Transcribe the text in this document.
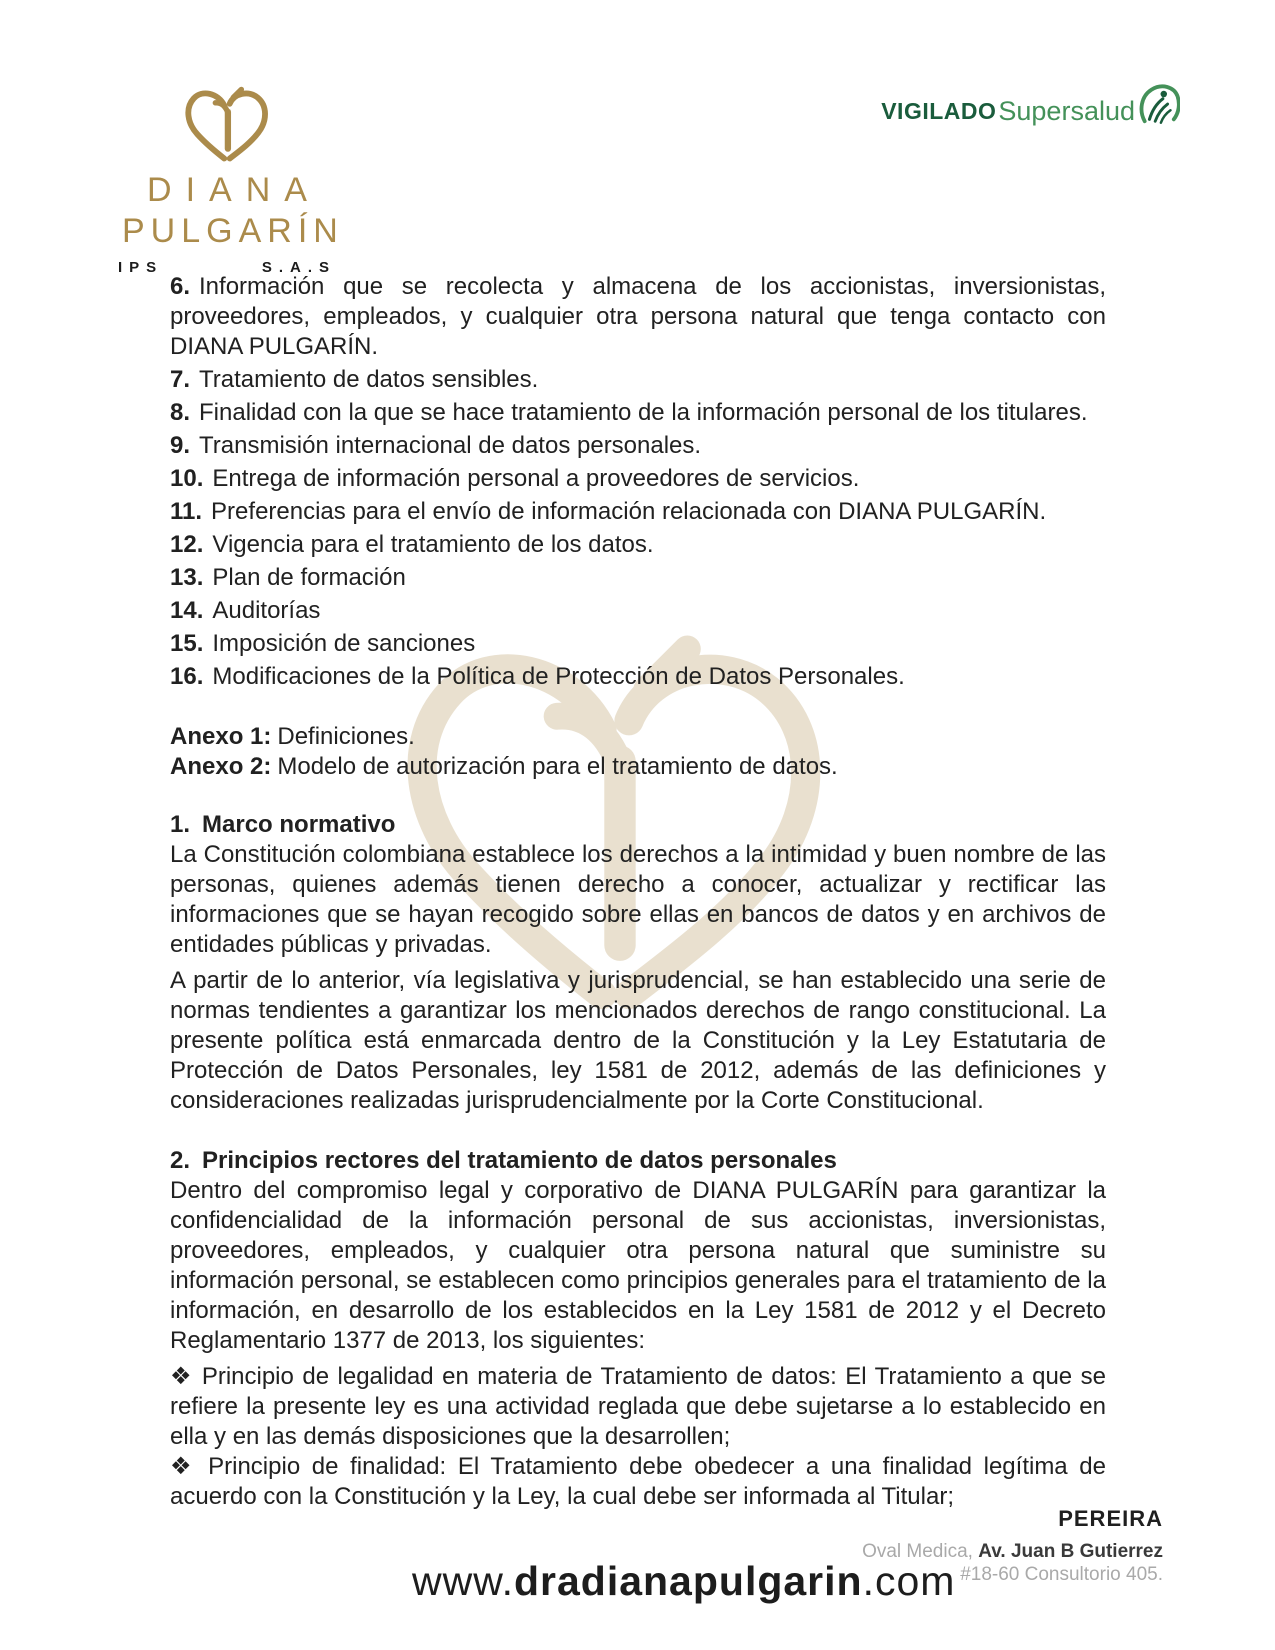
DIANA
PULGARÍN
IPS	S.A.S
VIGILADO Supersalud
6. Información que se recolecta y almacena de los accionistas, inversionistas, proveedores, empleados, y cualquier otra persona natural que tenga contacto con DIANA PULGARÍN.
7. Tratamiento de datos sensibles.
8. Finalidad con la que se hace tratamiento de la información personal de los titulares.
9. Transmisión internacional de datos personales.
10. Entrega de información personal a proveedores de servicios.
11. Preferencias para el envío de información relacionada con DIANA PULGARÍN.
12. Vigencia para el tratamiento de los datos.
13. Plan de formación
14. Auditorías
15. Imposición de sanciones
16. Modificaciones de la Política de Protección de Datos Personales.
Anexo 1: Definiciones.
Anexo 2: Modelo de autorización para el tratamiento de datos.
1. Marco normativo

La Constitución colombiana establece los derechos a la intimidad y buen nombre de las personas, quienes además tienen derecho a conocer, actualizar y rectificar las informaciones que se hayan recogido sobre ellas en bancos de datos y en archivos de entidades públicas y privadas.

A partir de lo anterior, vía legislativa y jurisprudencial, se han establecido una serie de normas tendientes a garantizar los mencionados derechos de rango constitucional. La presente política está enmarcada dentro de la Constitución y la Ley Estatutaria de Protección de Datos Personales, ley 1581 de 2012, además de las definiciones y consideraciones realizadas jurisprudencialmente por la Corte Constitucional.

2. Principios rectores del tratamiento de datos personales

Dentro del compromiso legal y corporativo de DIANA PULGARÍN para garantizar la confidencialidad de la información personal de sus accionistas, inversionistas, proveedores, empleados, y cualquier otra persona natural que suministre su información personal, se establecen como principios generales para el tratamiento de la información, en desarrollo de los establecidos en la Ley 1581 de 2012 y el Decreto Reglamentario 1377 de 2013, los siguientes:

❖ Principio de legalidad en materia de Tratamiento de datos: El Tratamiento a que se refiere la presente ley es una actividad reglada que debe sujetarse a lo establecido en ella y en las demás disposiciones que la desarrollen;

❖ Principio de finalidad: El Tratamiento debe obedecer a una finalidad legítima de acuerdo con la Constitución y la Ley, la cual debe ser informada al Titular;

PEREIRA
Oval Medica, Av. Juan B Gutierrez
#18-60 Consultorio 405.
www.dradianapulgarin.com
